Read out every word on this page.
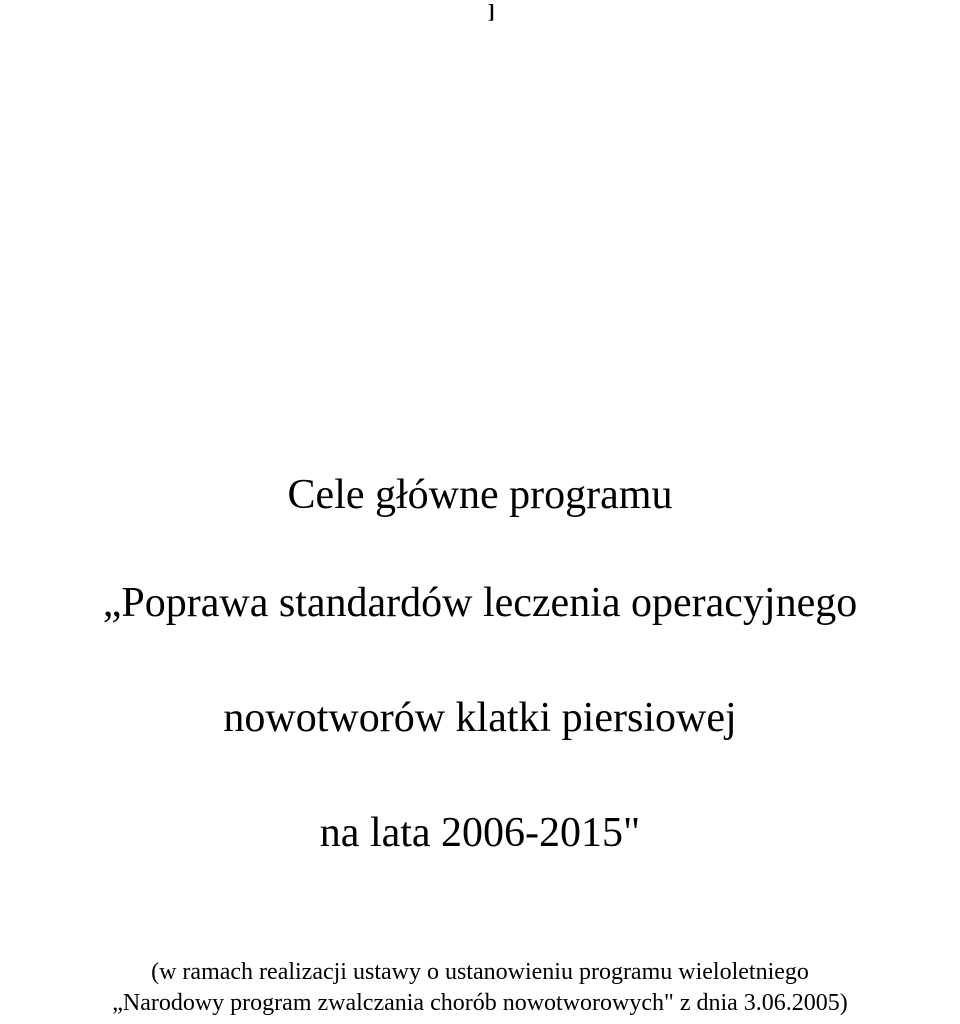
]
Cele główne programu
„Poprawa standardów leczenia operacyjnego
nowotworów klatki piersiowej
na lata 2006-2015"
(w ramach realizacji ustawy o ustanowieniu programu wieloletniego
„Narodowy program zwalczania chorób nowotworowych" z dnia 3.06.2005)
